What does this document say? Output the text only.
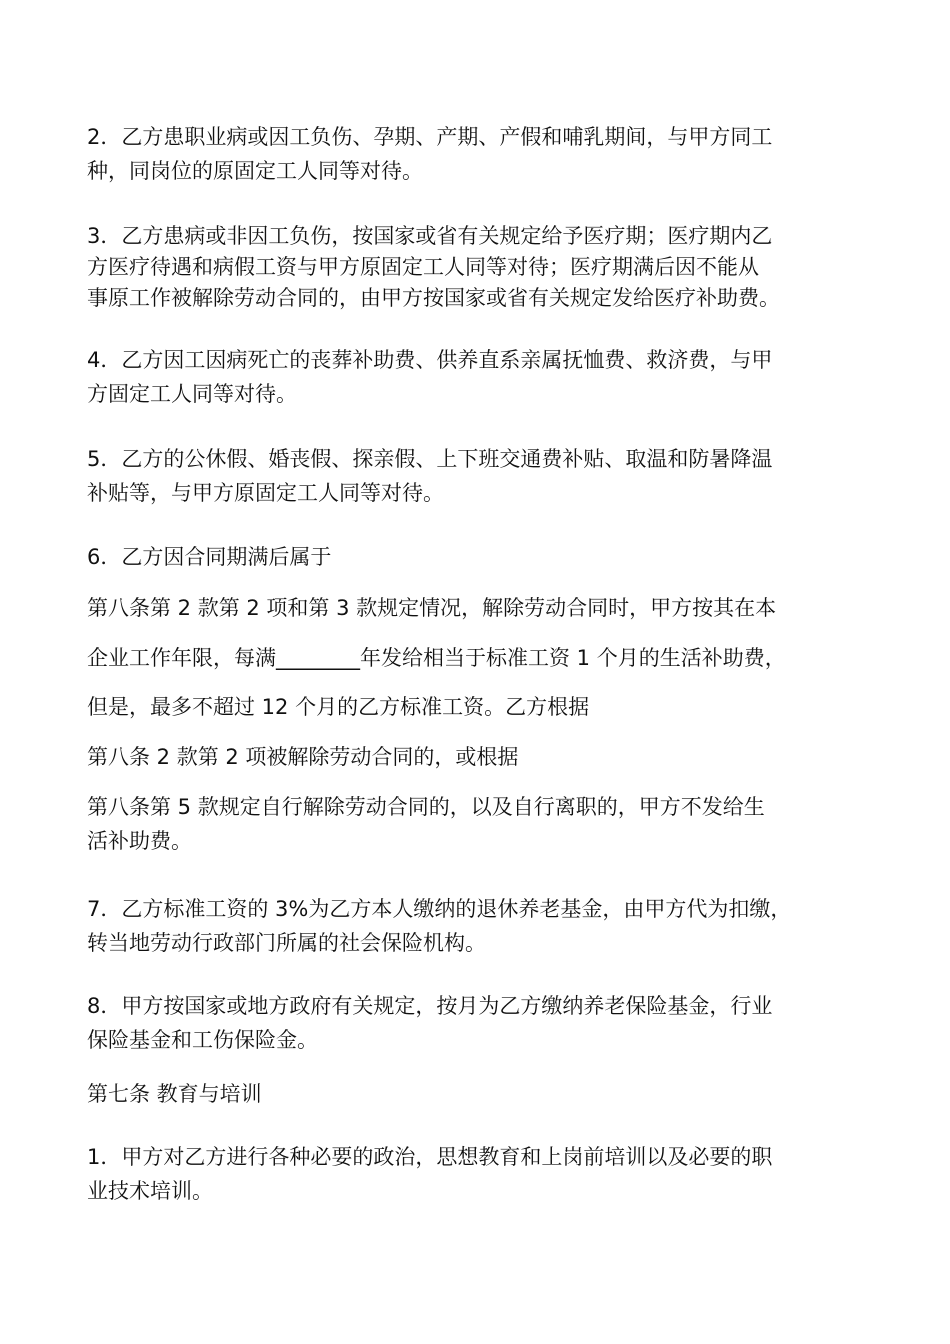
2．乙方患职业病或因工负伤、孕期、产期、产假和哺乳期间，与甲方同工
种，同岗位的原固定工人同等对待。
3．乙方患病或非因工负伤，按国家或省有关规定给予医疗期；医疗期内乙
方医疗待遇和病假工资与甲方原固定工人同等对待；医疗期满后因不能从
事原工作被解除劳动合同的，由甲方按国家或省有关规定发给医疗补助费。
4．乙方因工因病死亡的丧葬补助费、供养直系亲属抚恤费、救济费，与甲
方固定工人同等对待。
5．乙方的公休假、婚丧假、探亲假、上下班交通费补贴、取温和防暑降温
补贴等，与甲方原固定工人同等对待。
6．乙方因合同期满后属于
第八条第 2 款第 2 项和第 3 款规定情况，解除劳动合同时，甲方按其在本
企业工作年限，每满________年发给相当于标准工资 1 个月的生活补助费，
但是，最多不超过 12 个月的乙方标准工资。乙方根据
第八条 2 款第 2 项被解除劳动合同的，或根据
第八条第 5 款规定自行解除劳动合同的，以及自行离职的，甲方不发给生
活补助费。
7．乙方标准工资的 3%为乙方本人缴纳的退休养老基金，由甲方代为扣缴，
转当地劳动行政部门所属的社会保险机构。
8．甲方按国家或地方政府有关规定，按月为乙方缴纳养老保险基金，行业
保险基金和工伤保险金。
第七条 教育与培训
1．甲方对乙方进行各种必要的政治，思想教育和上岗前培训以及必要的职
业技术培训。
